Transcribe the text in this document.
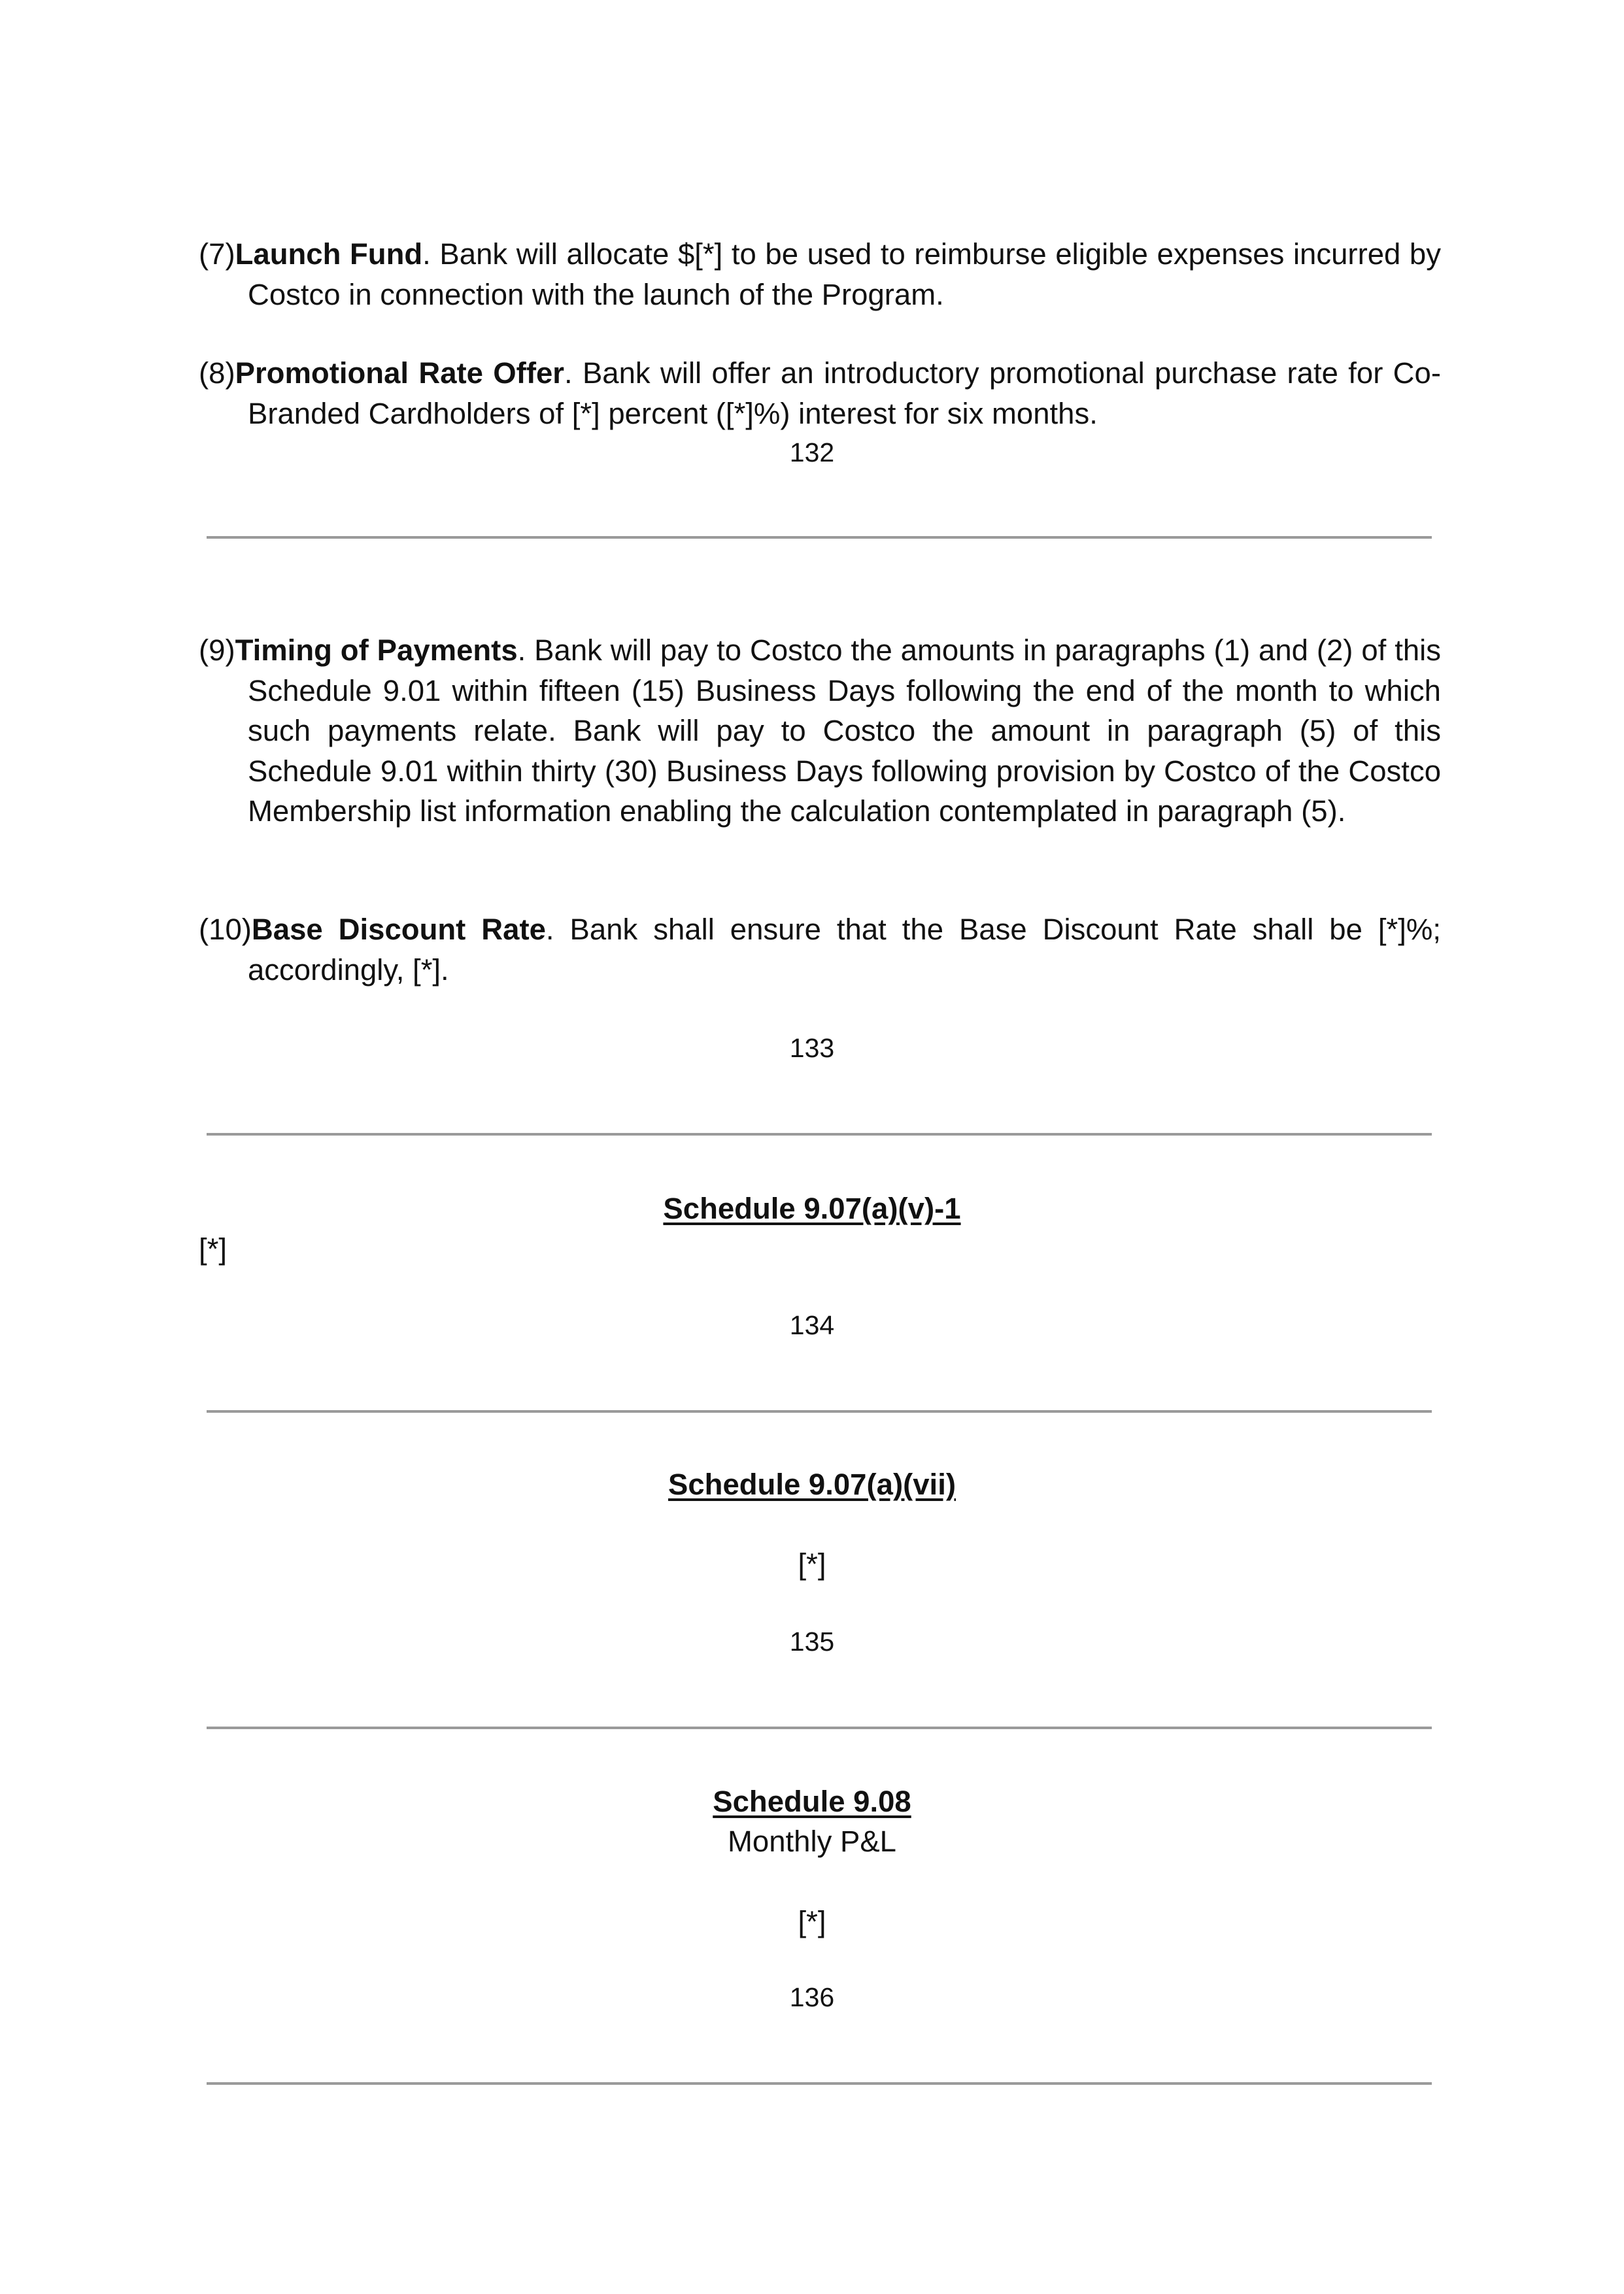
(7)Launch Fund. Bank will allocate $[*] to be used to reimburse eligible expenses incurred by Costco in connection with the launch of the Program.
(8)Promotional Rate Offer. Bank will offer an introductory promotional purchase rate for Co-Branded Cardholders of [*] percent ([*]%) interest for six months.
132
(9)Timing of Payments. Bank will pay to Costco the amounts in paragraphs (1) and (2) of this Schedule 9.01 within fifteen (15) Business Days following the end of the month to which such payments relate. Bank will pay to Costco the amount in paragraph (5) of this Schedule 9.01 within thirty (30) Business Days following provision by Costco of the Costco Membership list information enabling the calculation contemplated in paragraph (5).
(10)Base Discount Rate. Bank shall ensure that the Base Discount Rate shall be [*]%; accordingly, [*].
133
Schedule 9.07(a)(v)-1
[*]
134
Schedule 9.07(a)(vii)
[*]
135
Schedule 9.08
Monthly P&L
[*]
136
